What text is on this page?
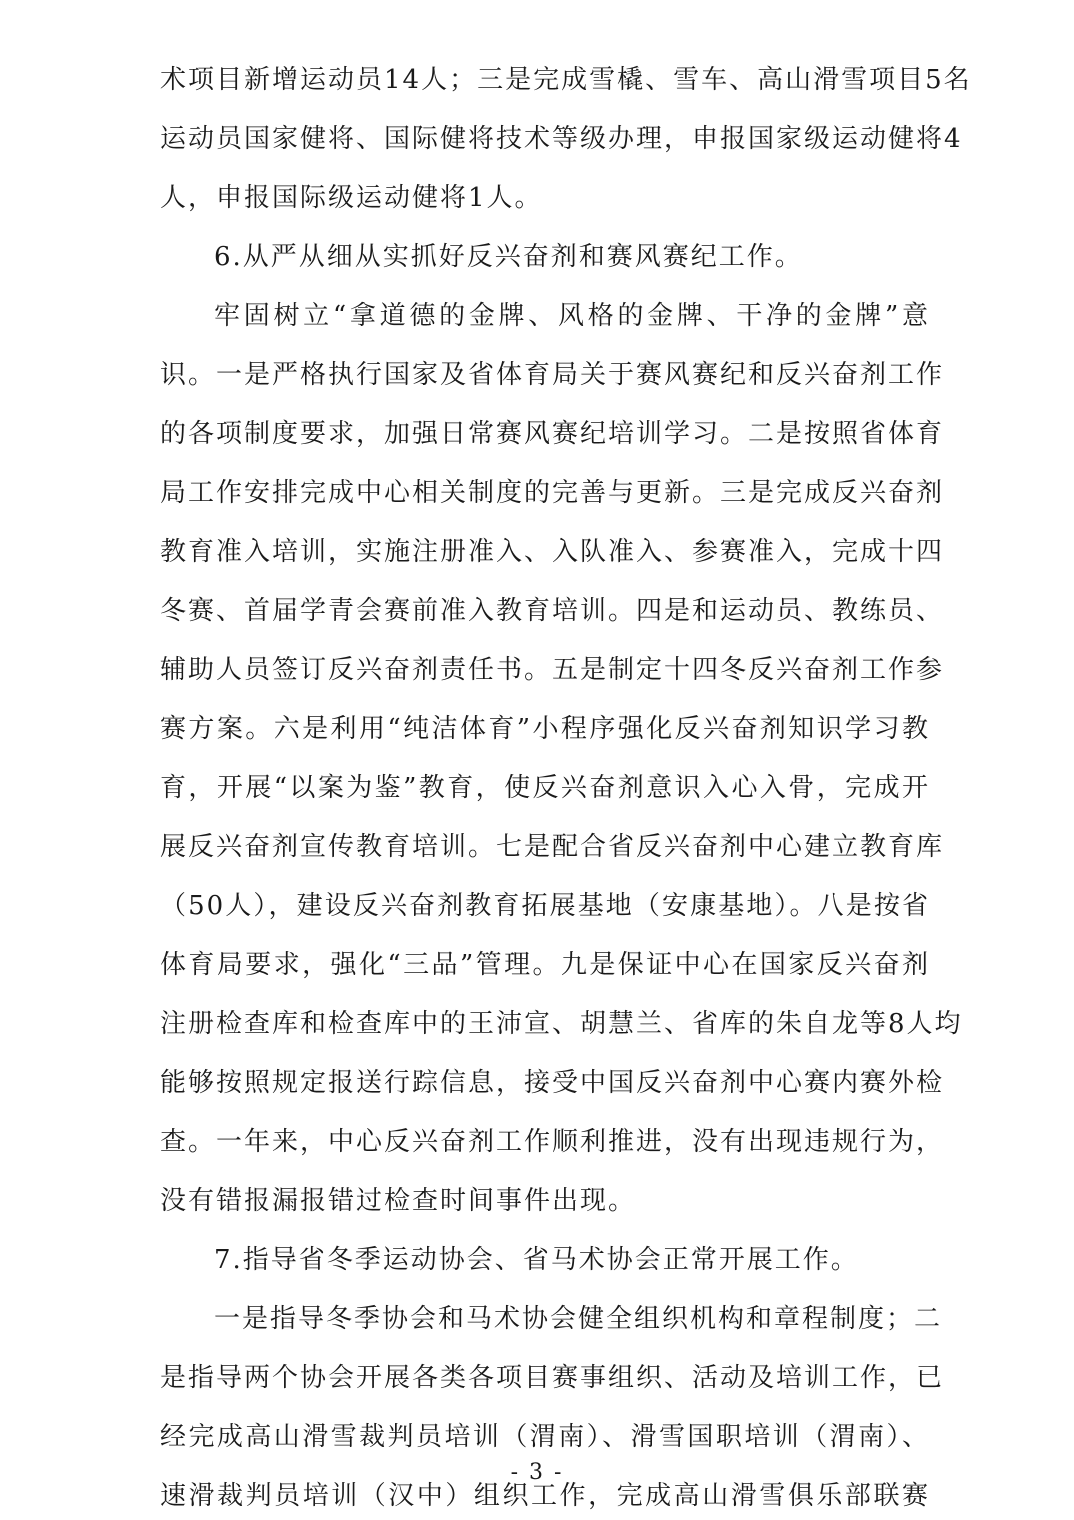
术项目新增运动员14人；三是完成雪橇、雪车、高山滑雪项目5名
运动员国家健将、国际健将技术等级办理，申报国家级运动健将4
人，申报国际级运动健将1人。
6.从严从细从实抓好反兴奋剂和赛风赛纪工作。
牢固树立“拿道德的金牌、风格的金牌、干净的金牌”意
识。一是严格执行国家及省体育局关于赛风赛纪和反兴奋剂工作
的各项制度要求，加强日常赛风赛纪培训学习。二是按照省体育
局工作安排完成中心相关制度的完善与更新。三是完成反兴奋剂
教育准入培训，实施注册准入、入队准入、参赛准入，完成十四
冬赛、首届学青会赛前准入教育培训。四是和运动员、教练员、
辅助人员签订反兴奋剂责任书。五是制定十四冬反兴奋剂工作参
赛方案。六是利用“纯洁体育”小程序强化反兴奋剂知识学习教
育，开展“以案为鉴”教育，使反兴奋剂意识入心入骨，完成开
展反兴奋剂宣传教育培训。七是配合省反兴奋剂中心建立教育库
（50人），建设反兴奋剂教育拓展基地（安康基地）。八是按省
体育局要求，强化“三品”管理。九是保证中心在国家反兴奋剂
注册检查库和检查库中的王沛宣、胡慧兰、省库的朱自龙等8人均
能够按照规定报送行踪信息，接受中国反兴奋剂中心赛内赛外检
查。一年来，中心反兴奋剂工作顺利推进，没有出现违规行为，
没有错报漏报错过检查时间事件出现。
7.指导省冬季运动协会、省马术协会正常开展工作。
一是指导冬季协会和马术协会健全组织机构和章程制度；二
是指导两个协会开展各类各项目赛事组织、活动及培训工作，已
经完成高山滑雪裁判员培训（渭南）、滑雪国职培训（渭南）、
速滑裁判员培训（汉中）组织工作，完成高山滑雪俱乐部联赛
- 3 -
